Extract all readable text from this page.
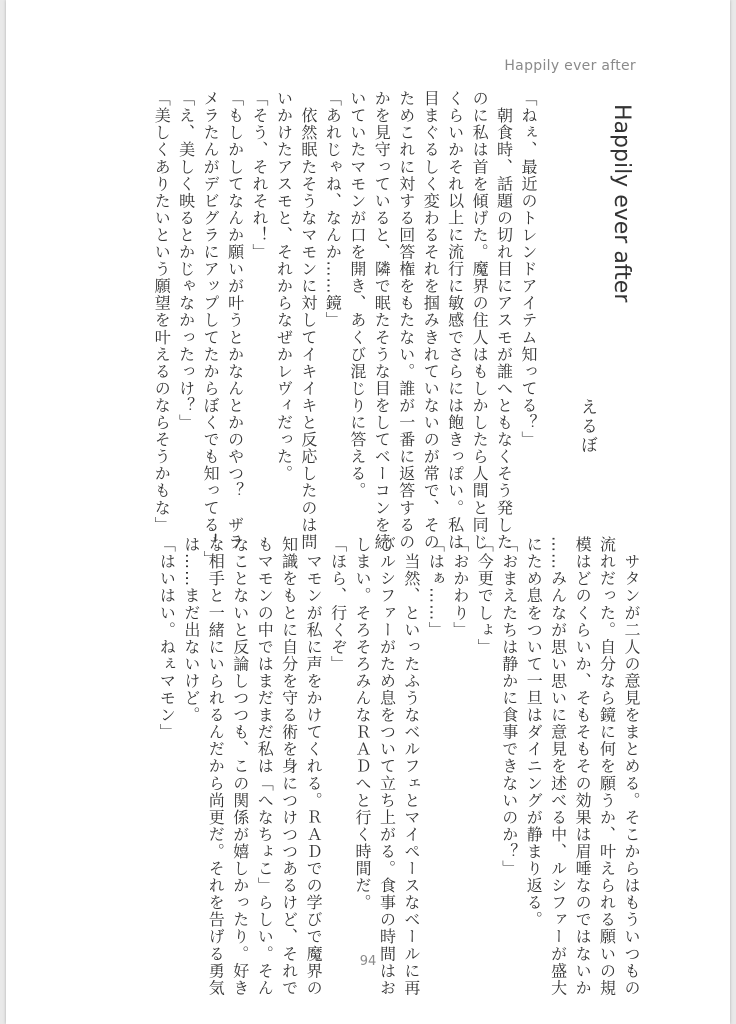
Happily ever after
Happily ever after
えるぼ
「ねぇ、最近のトレンドアイテム知ってる？」
　朝食時、話題の切れ目にアスモが誰へともなくそう発した
のに私は首を傾げた。魔界の住人はもしかしたら人間と同じ
くらいかそれ以上に流行に敏感でさらには飽きっぽい。私は
目まぐるしく変わるそれを掴みきれていないのが常で、その
ためこれに対する回答権をもたない。誰が一番に返答するの
かを見守っていると、隣で眠たそうな目をしてベーコンを続
いていたマモンが口を開き、あくび混じりに答える。
「あれじゃね、なんか……鏡」
　依然眠たそうなマモンに対してイキイキと反応したのは問
いかけたアスモと、それからなぜかレヴィだった。
「そう、それそれ！」
「もしかしてなんか願いが叶うとかなんとかのやつ？　ザラ
メラたんがデビグラにアップしてたからぼくでも知ってる！」
「え、美しく映るとかじゃなかったっけ？」
「美しくありたいという願望を叶えるのならそうかもな」
　サタンが二人の意見をまとめる。そこからはもういつもの
流れだった。自分なら鏡に何を願うか、叶えられる願いの規
模はどのくらいか、そもそもその効果は眉唾なのではないか
……みんなが思い思いに意見を述べる中、ルシファーが盛大
にため息をついて一旦はダイニングが静まり返る。
「おまえたちは静かに食事できないのか？」
「今更でしょ」
「おかわり」
「はぁ……」
　当然、といったふうなベルフェとマイペースなベールに再
びルシファーがため息をついて立ち上がる。食事の時間はお
しまい。そろそろみんなＲＡＤへと行く時間だ。
「ほら、行くぞ」
　マモンが私に声をかけてくれる。ＲＡＤでの学びで魔界の
知識をもとに自分を守る術を身につけつつあるけど、それで
もマモンの中ではまだまだ私は「へなちょこ」らしい。そん
なことないと反論しつつも、この関係が嬉しかったり。好き
な相手と一緒にいられるんだから尚更だ。それを告げる勇気
は……まだ出ないけど。
「はいはい。ねぇマモン」
94
